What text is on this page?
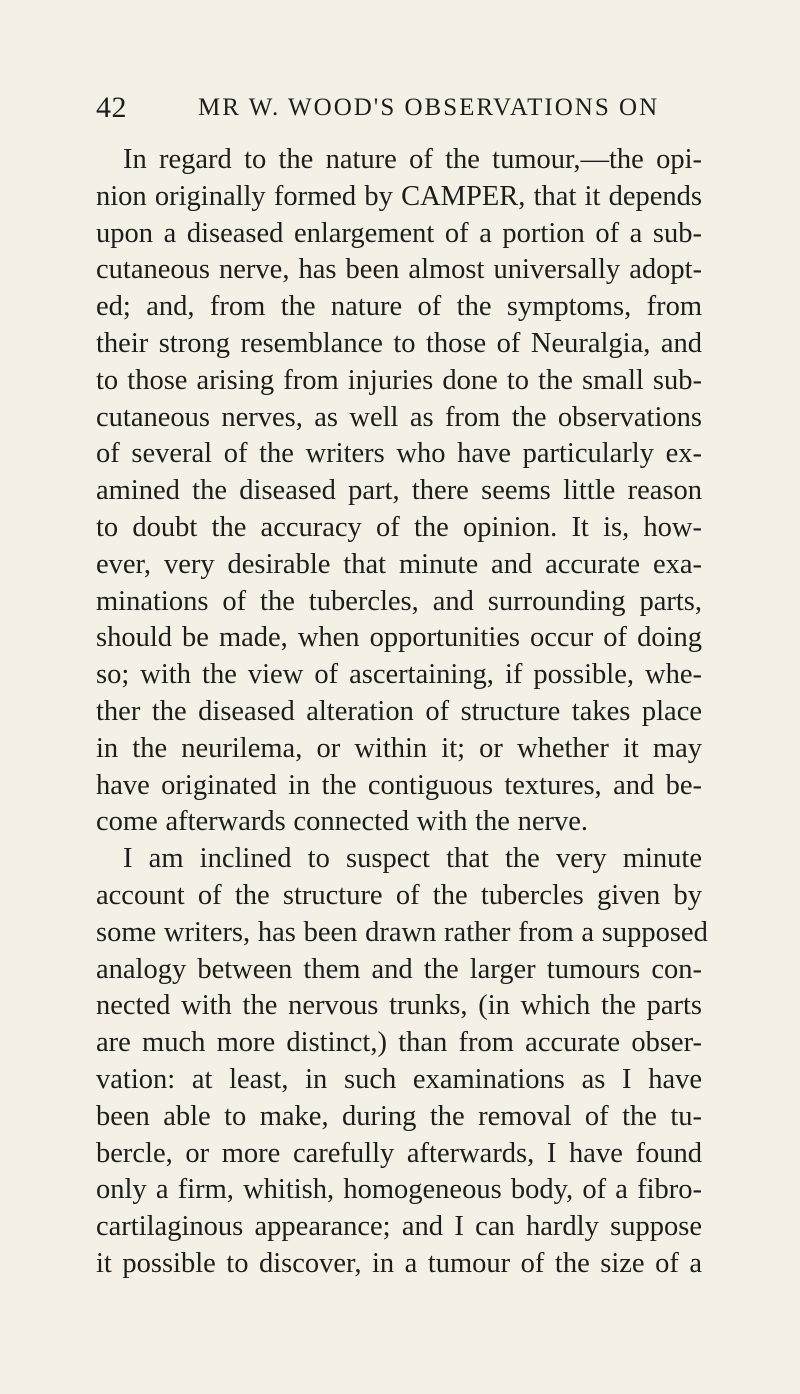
42	MR W. WOOD'S OBSERVATIONS ON
In regard to the nature of the tumour,—the opi-
nion originally formed by CAMPER, that it depends
upon a diseased enlargement of a portion of a sub-
cutaneous nerve, has been almost universally adopt-
ed; and, from the nature of the symptoms, from
their strong resemblance to those of Neuralgia, and
to those arising from injuries done to the small sub-
cutaneous nerves, as well as from the observations
of several of the writers who have particularly ex-
amined the diseased part, there seems little reason
to doubt the accuracy of the opinion. It is, how-
ever, very desirable that minute and accurate exa-
minations of the tubercles, and surrounding parts,
should be made, when opportunities occur of doing
so; with the view of ascertaining, if possible, whe-
ther the diseased alteration of structure takes place
in the neurilema, or within it; or whether it may
have originated in the contiguous textures, and be-
come afterwards connected with the nerve.
I am inclined to suspect that the very minute
account of the structure of the tubercles given by
some writers, has been drawn rather from a supposed
analogy between them and the larger tumours con-
nected with the nervous trunks, (in which the parts
are much more distinct,) than from accurate obser-
vation: at least, in such examinations as I have
been able to make, during the removal of the tu-
bercle, or more carefully afterwards, I have found
only a firm, whitish, homogeneous body, of a fibro-
cartilaginous appearance; and I can hardly suppose
it possible to discover, in a tumour of the size of a
